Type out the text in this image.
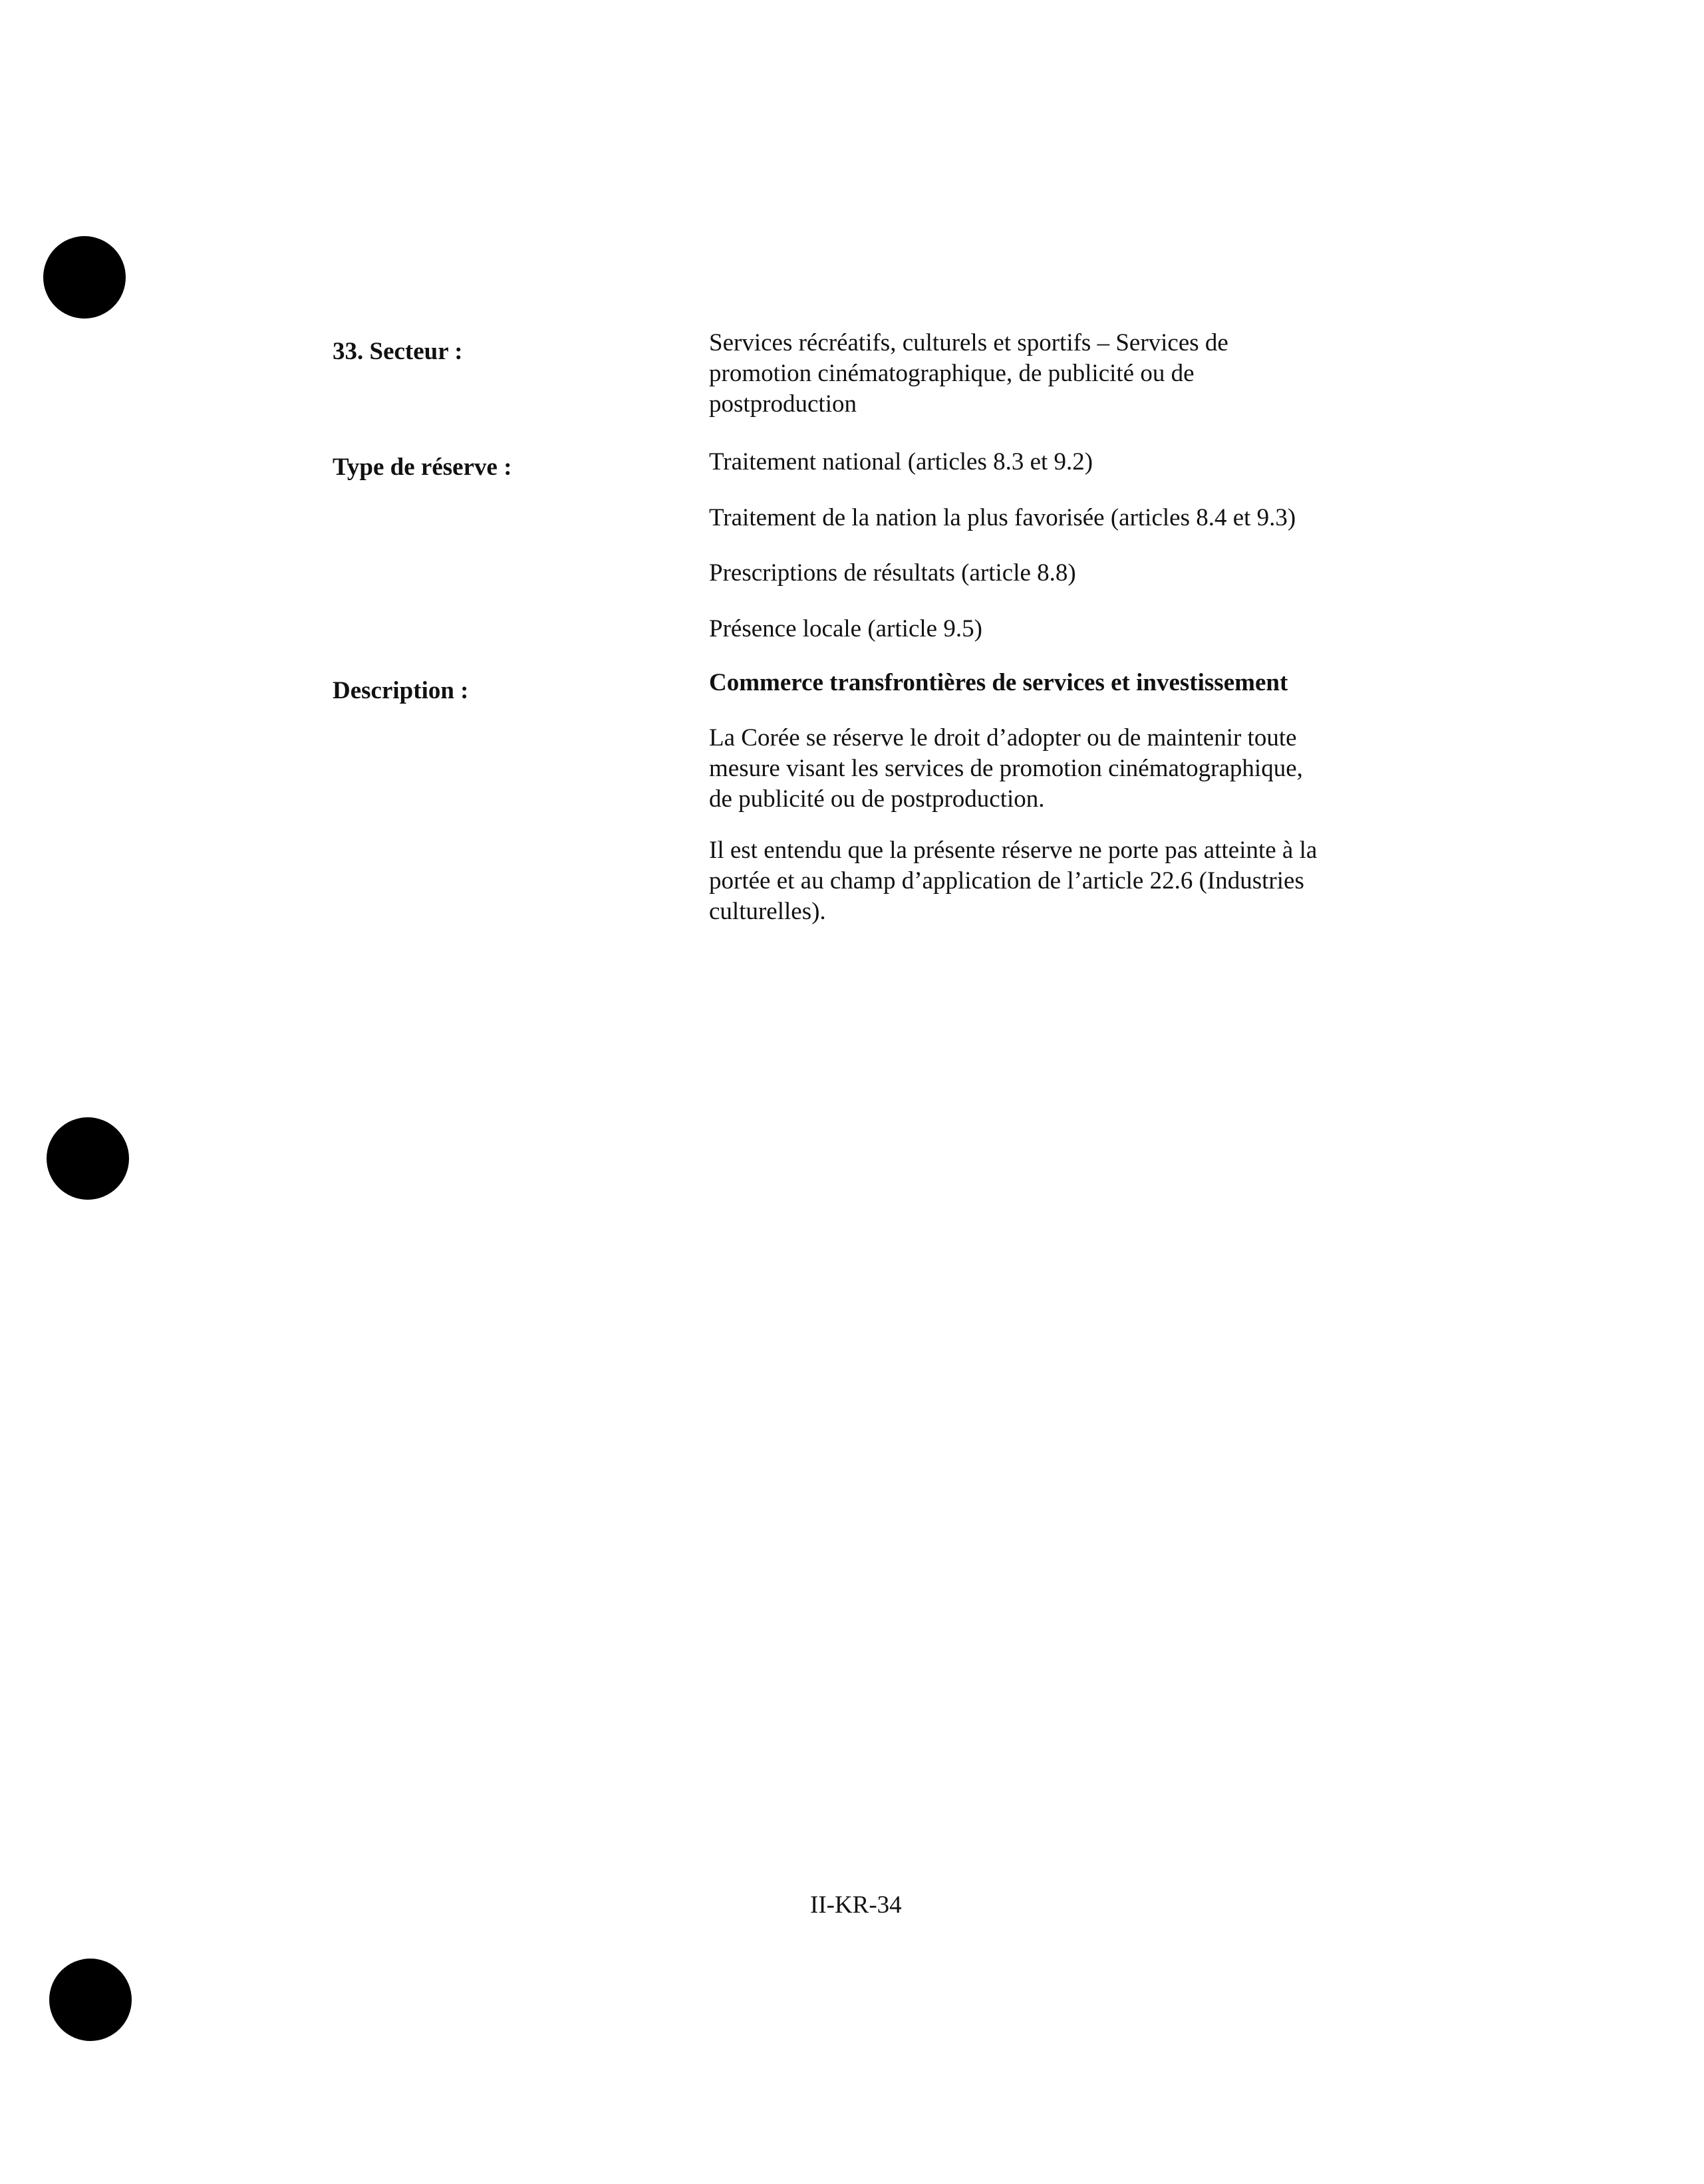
33. Secteur :	Services récréatifs, culturels et sportifs – Services de

promotion cinématographique, de publicité ou de

postproduction

Type de réserve :	Traitement national (articles 8.3 et 9.2)
Traitement de la nation la plus favorisée (articles 8.4 et 9.3)
Prescriptions de résultats (article 8.8)
Présence locale (article 9.5)
Description :	Commerce transfrontières de services et investissement

La Corée se réserve le droit d’adopter ou de maintenir toute

mesure visant les services de promotion cinématographique,

de publicité ou de postproduction.

Il est entendu que la présente réserve ne porte pas atteinte à la

portée et au champ d’application de l’article 22.6 (Industries

culturelles).

II-KR-34
